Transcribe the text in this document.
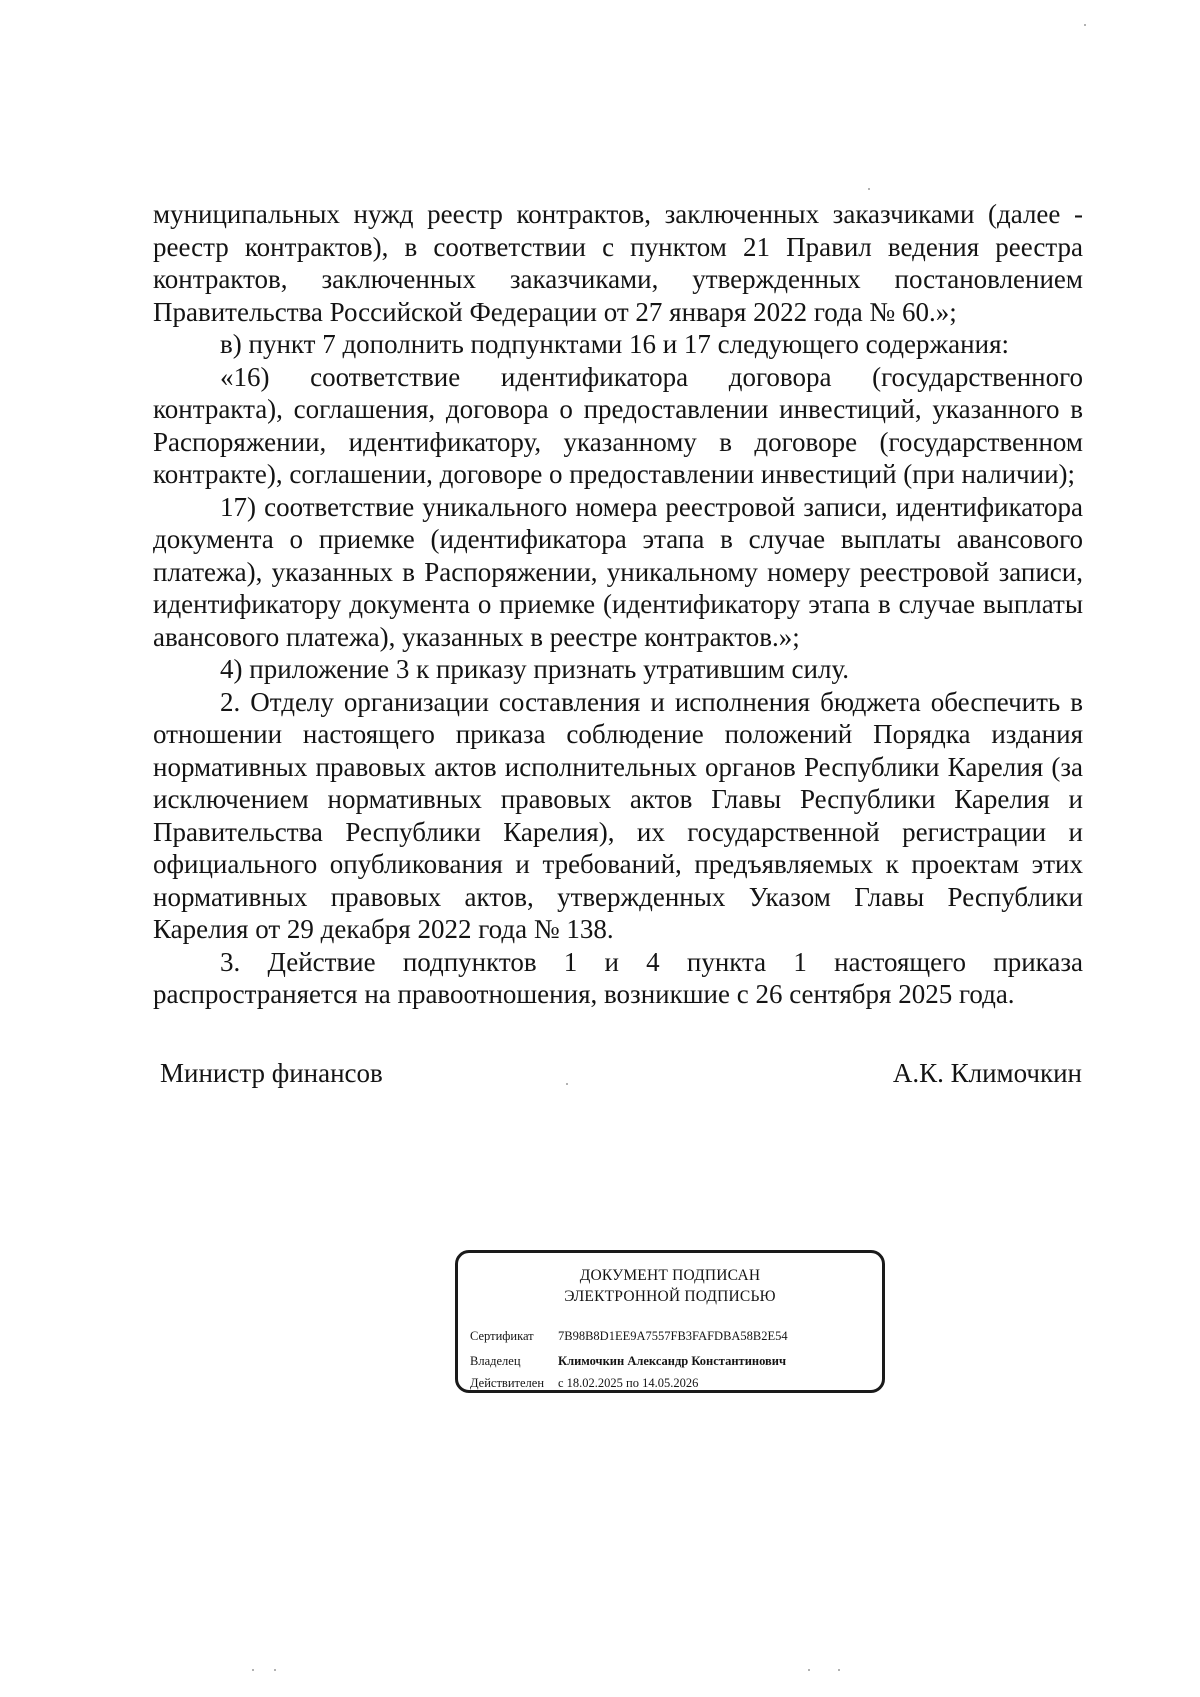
муниципальных нужд реестр контрактов, заключенных заказчиками (далее - реестр контрактов), в соответствии с пунктом 21 Правил ведения реестра контрактов, заключенных заказчиками, утвержденных постановлением Правительства Российской Федерации от 27 января 2022 года № 60.»;

в) пункт 7 дополнить подпунктами 16 и 17 следующего содержания:

«16) соответствие идентификатора договора (государственного контракта), соглашения, договора о предоставлении инвестиций, указанного в Распоряжении, идентификатору, указанному в договоре (государственном контракте), соглашении, договоре о предоставлении инвестиций (при наличии);

17) соответствие уникального номера реестровой записи, идентификатора документа о приемке (идентификатора этапа в случае выплаты авансового платежа), указанных в Распоряжении, уникальному номеру реестровой записи, идентификатору документа о приемке (идентификатору этапа в случае выплаты авансового платежа), указанных в реестре контрактов.»;

4) приложение 3 к приказу признать утратившим силу.

2. Отделу организации составления и исполнения бюджета обеспечить в отношении настоящего приказа соблюдение положений Порядка издания нормативных правовых актов исполнительных органов Республики Карелия (за исключением нормативных правовых актов Главы Республики Карелия и Правительства Республики Карелия), их государственной регистрации и официального опубликования и требований, предъявляемых к проектам этих нормативных правовых актов, утвержденных Указом Главы Республики Карелия от 29 декабря 2022 года № 138.

3. Действие подпунктов 1 и 4 пункта 1 настоящего приказа распространяется на правоотношения, возникшие с 26 сентября 2025 года.

Министр финансов	А.К. Климочкин
ДОКУМЕНТ ПОДПИСАН
ЭЛЕКТРОННОЙ ПОДПИСЬЮ
Сертификат 7B98B8D1EE9A7557FB3FAFDBA58B2E54
Владелец	Климочкин Александр Константинович
Действителен с 18.02.2025 по 14.05.2026
